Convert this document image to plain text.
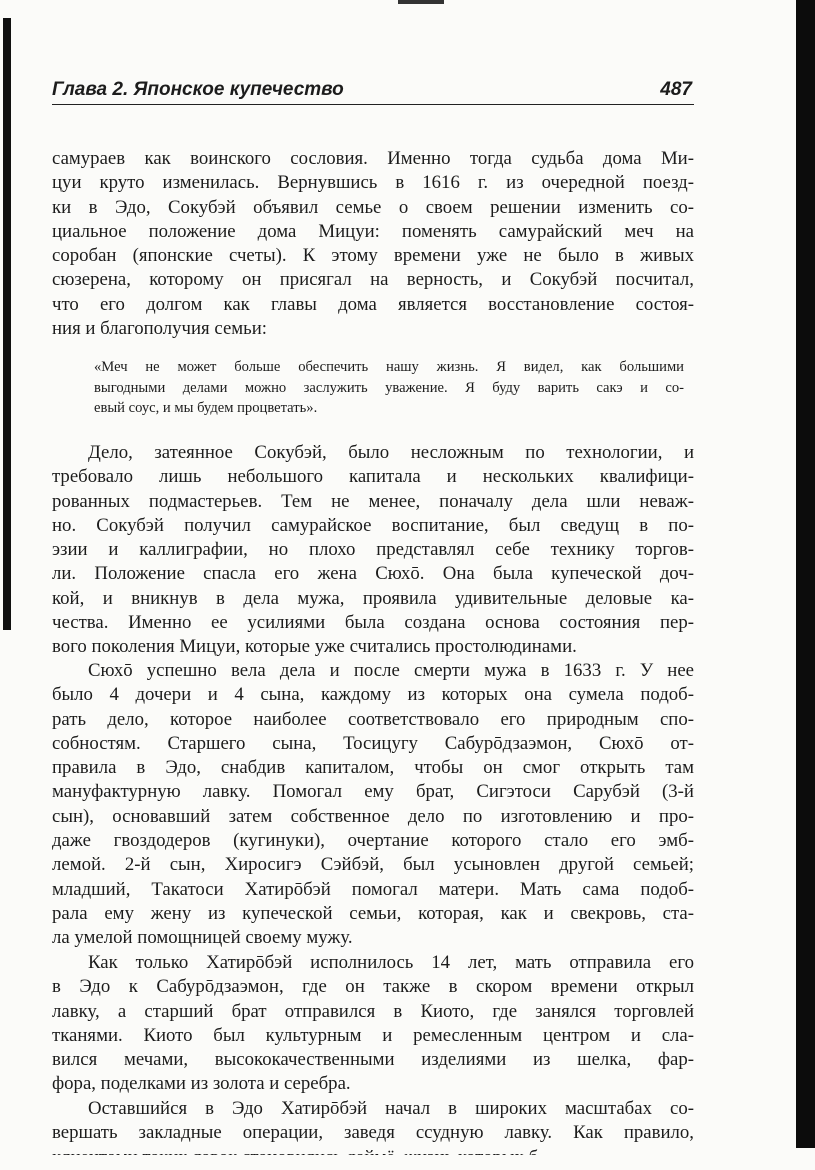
Глава 2. Японское купечество	487
самураев как воинского сословия. Именно тогда судьба дома Ми-
цуи круто изменилась. Вернувшись в 1616 г. из очередной поезд-
ки в Эдо, Сокубэй объявил семье о своем решении изменить со-
циальное положение дома Мицуи: поменять самурайский меч на
соробан (японские счеты). К этому времени уже не было в живых
сюзерена, которому он присягал на верность, и Сокубэй посчитал,
что его долгом как главы дома является восстановление состоя-
ния и благополучия семьи:
«Меч не может больше обеспечить нашу жизнь. Я видел, как большими
выгодными делами можно заслужить уважение. Я буду варить сакэ и со-
евый соус, и мы будем процветать».
Дело, затеянное Сокубэй, было несложным по технологии, и
требовало лишь небольшого капитала и нескольких квалифици-
рованных подмастерьев. Тем не менее, поначалу дела шли неваж-
но. Сокубэй получил самурайское воспитание, был сведущ в по-
эзии и каллиграфии, но плохо представлял себе технику торгов-
ли. Положение спасла его жена Сюхō. Она была купеческой доч-
кой, и вникнув в дела мужа, проявила удивительные деловые ка-
чества. Именно ее усилиями была создана основа состояния пер-
вого поколения Мицуи, которые уже считались простолюдинами.
Сюхō успешно вела дела и после смерти мужа в 1633 г. У нее
было 4 дочери и 4 сына, каждому из которых она сумела подоб-
рать дело, которое наиболее соответствовало его природным спо-
собностям. Старшего сына, Тосицугу Сабурōдзаэмон, Сюхō от-
правила в Эдо, снабдив капиталом, чтобы он смог открыть там
мануфактурную лавку. Помогал ему брат, Сигэтоси Сарубэй (3-й
сын), основавший затем собственное дело по изготовлению и про-
даже гвоздодеров (кугинуки), очертание которого стало его эмб-
лемой. 2-й сын, Хиросигэ Сэйбэй, был усыновлен другой семьей;
младший, Такатоси Хатирōбэй помогал матери. Мать сама подоб-
рала ему жену из купеческой семьи, которая, как и свекровь, ста-
ла умелой помощницей своему мужу.
Как только Хатирōбэй исполнилось 14 лет, мать отправила его
в Эдо к Сабурōдзаэмон, где он также в скором времени открыл
лавку, а старший брат отправился в Киото, где занялся торговлей
тканями. Киото был культурным и ремесленным центром и сла-
вился мечами, высококачественными изделиями из шелка, фар-
фора, поделками из золота и серебра.
Оставшийся в Эдо Хатирōбэй начал в широких масштабах со-
вершать закладные операции, заведя ссудную лавку. Как правило,
